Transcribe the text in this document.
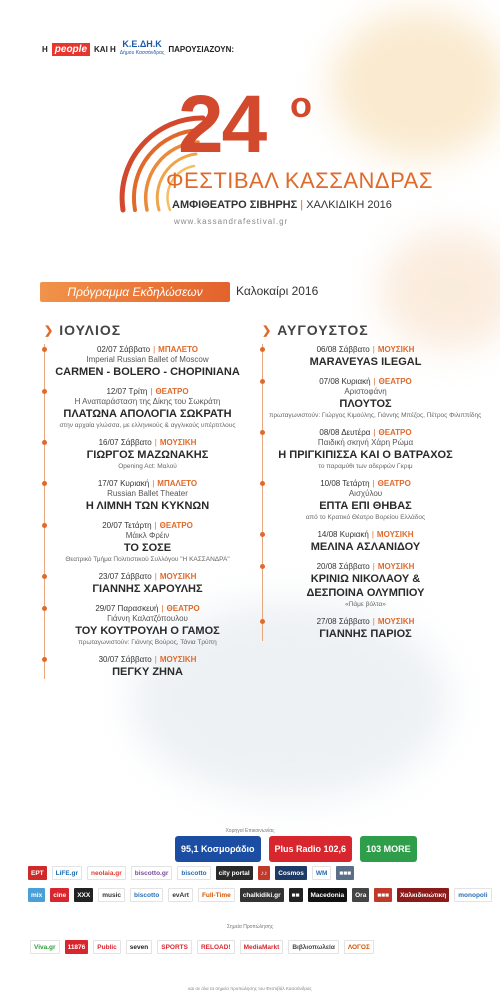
Η people ΚΑΙ Η Κ.Ε.ΔΗ.Κ
Δήμου Κασσάνδρας ΠΑΡΟΥΣΙΑΖΟΥΝ:
24 ο
ΦΕΣΤΙΒΑΛ ΚΑΣΣΑΝΔΡΑΣ
ΑΜΦΙΘΕΑΤΡΟ ΣΙΒΗΡΗΣ | ΧΑΛΚΙΔΙΚΗ 2016
www.kassandrafestival.gr
Πρόγραμμα Εκδηλώσεων	Καλοκαίρι 2016
❯ ΙΟΥΛΙΟΣ
02/07 Σάββατο | ΜΠΑΛΕΤΟ
Imperial Russian Ballet of Moscow
CARMEN - BOLERO - CHOPINIANA
12/07 Τρίτη | ΘΕΑΤΡΟ
Η Αναπαράσταση της Δίκης του Σωκράτη
ΠΛΑΤΩΝΑ ΑΠΟΛΟΓΙΑ ΣΩΚΡΑΤΗ
στην αρχαία γλώσσα, με ελληνικούς & αγγλικούς υπέρτιτλους
16/07 Σάββατο | ΜΟΥΣΙΚΗ
ΓΙΩΡΓΟΣ ΜΑΖΩΝΑΚΗΣ
Opening Act: Μαλού
17/07 Κυριακή | ΜΠΑΛΕΤΟ
Russian Ballet Theater
Η ΛΙΜΝΗ ΤΩΝ ΚΥΚΝΩΝ
20/07 Τετάρτη | ΘΕΑΤΡΟ
Μάικλ Φρέιν
ΤΟ ΣΟΣΕ
Θεατρικό Τμήμα Πολιτιστικού Συλλόγου "Η ΚΑΣΣΑΝΔΡΑ"
23/07 Σάββατο | ΜΟΥΣΙΚΗ
ΓΙΑΝΝΗΣ ΧΑΡΟΥΛΗΣ
29/07 Παρασκευή | ΘΕΑΤΡΟ
Γιάννη Καλατζόπουλου
ΤΟΥ ΚΟΥΤΡΟΥΛΗ Ο ΓΑΜΟΣ
πρωταγωνιστούν: Γιάννης Βούρος, Τάνια Τρύπη
30/07 Σάββατο | ΜΟΥΣΙΚΗ
ΠΕΓΚΥ ΖΗΝΑ
❯ ΑΥΓΟΥΣΤΟΣ
06/08 Σάββατο | ΜΟΥΣΙΚΗ
MARAVEYAS ILEGAL
07/08 Κυριακή | ΘΕΑΤΡΟ
Αριστοφάνη
ΠΛΟΥΤΟΣ
πρωταγωνιστούν: Γιώργος Κιμούλης, Γιάννης Μπέζος, Πέτρος Φιλιππίδης
08/08 Δευτέρα | ΘΕΑΤΡΟ
Παιδική σκηνή Χάρη Ρώμα
Η ΠΡΙΓΚΙΠΙΣΣΑ ΚΑΙ Ο ΒΑΤΡΑΧΟΣ
το παραμύθι των αδερφών Γκριμ
10/08 Τετάρτη | ΘΕΑΤΡΟ
Αισχύλου
ΕΠΤΑ ΕΠΙ ΘΗΒΑΣ
από το Κρατικό Θέατρο Βορείου Ελλάδος
14/08 Κυριακή | ΜΟΥΣΙΚΗ
ΜΕΛΙΝΑ ΑΣΛΑΝΙΔΟΥ
20/08 Σάββατο | ΜΟΥΣΙΚΗ
ΚΡΙΝΙΩ ΝΙΚΟΛΑΟΥ &
ΔΕΣΠΟΙΝΑ ΟΛΥΜΠΙΟΥ
«Πάμε βόλτα»
27/08 Σάββατο | ΜΟΥΣΙΚΗ
ΓΙΑΝΝΗΣ ΠΑΡΙΟΣ
Χορηγοί Επικοινωνίας
95,1 Κοσμοράδιο	Plus Radio 102,6	103 MORE
ΕΡΤ	LiFE.gr	neolaia.gr	biscotto.gr	biscotto	city portal	♪♪	Cosmos	WM	■■■
mix	cine	ΧΧΧ	music	biscotto	evArt	Full-Time	chalkidiki.gr	■■	Macedonia	Ora	■■■	Χαλκιδικιώτικη	monopoli
Σημεία Προπώλησης
Viva.gr	11876	Public	seven	SPORTS	RELOAD!	MediaMarkt	Βιβλιοπωλεία	ΛΟΓΟΣ
και σε όλα τα σημεία προπώλησης του Φεστιβάλ Κασσάνδρας
